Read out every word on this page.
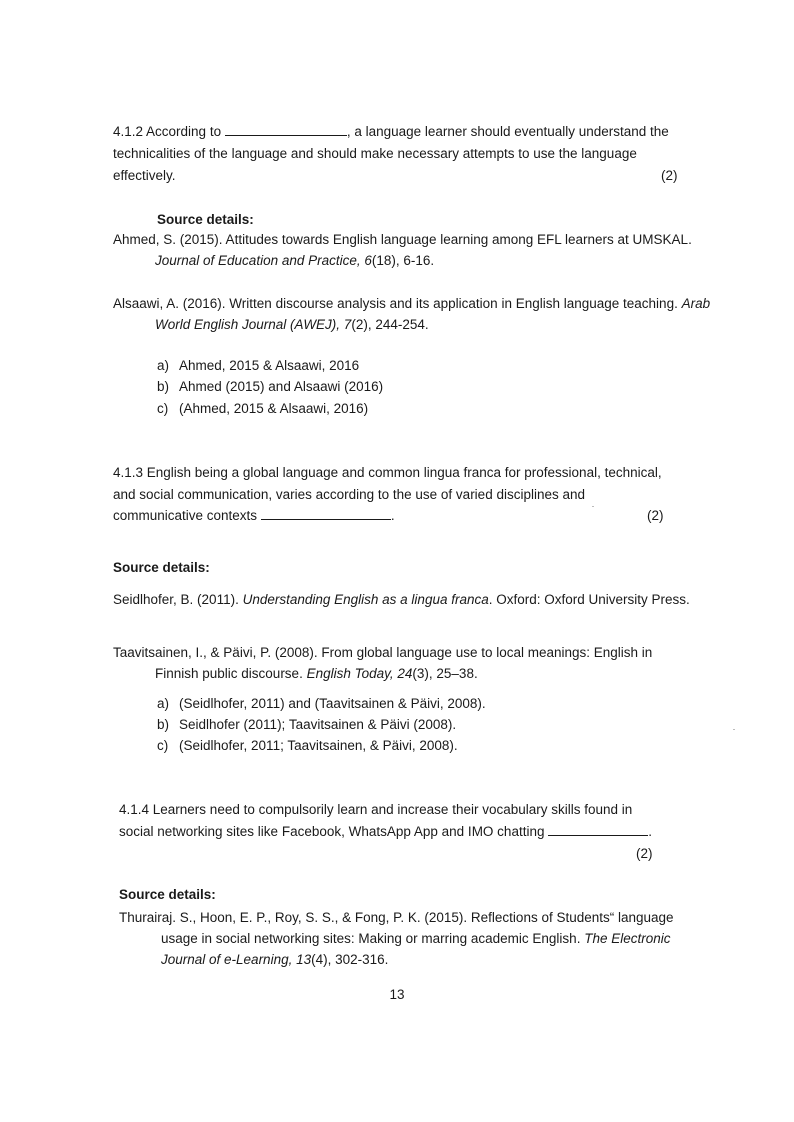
4.1.2 According to	, a language learner should eventually understand the
technicalities of the language and should make necessary attempts to use the language
effectively.	(2)
Source details:
Ahmed, S. (2015). Attitudes towards English language learning among EFL learners at UMSKAL. Journal of Education and Practice, 6(18), 6-16.
Alsaawi, A. (2016). Written discourse analysis and its application in English language teaching. Arab World English Journal (AWEJ), 7(2), 244-254.
a) Ahmed, 2015 & Alsaawi, 2016
b) Ahmed (2015) and Alsaawi (2016)
c) (Ahmed, 2015 & Alsaawi, 2016)
4.1.3 English being a global language and common lingua franca for professional, technical,
and social communication, varies according to the use of varied disciplines and
communicative contexts	.	(2)
Source details:
Seidlhofer, B. (2011). Understanding English as a lingua franca. Oxford: Oxford University Press.
Taavitsainen, I., & Päivi, P. (2008). From global language use to local meanings: English in Finnish public discourse. English Today, 24(3), 25–38.
a) (Seidlhofer, 2011) and (Taavitsainen & Päivi, 2008).
b) Seidlhofer (2011); Taavitsainen & Päivi (2008).
c) (Seidlhofer, 2011; Taavitsainen, & Päivi, 2008).
4.1.4 Learners need to compulsorily learn and increase their vocabulary skills found in
social networking sites like Facebook, WhatsApp App and IMO chatting	.
(2)
Source details:
Thurairaj. S., Hoon, E. P., Roy, S. S., & Fong, P. K. (2015). Reflections of Students“ language usage in social networking sites: Making or marring academic English. The Electronic Journal of e-Learning, 13(4), 302-316.
13
